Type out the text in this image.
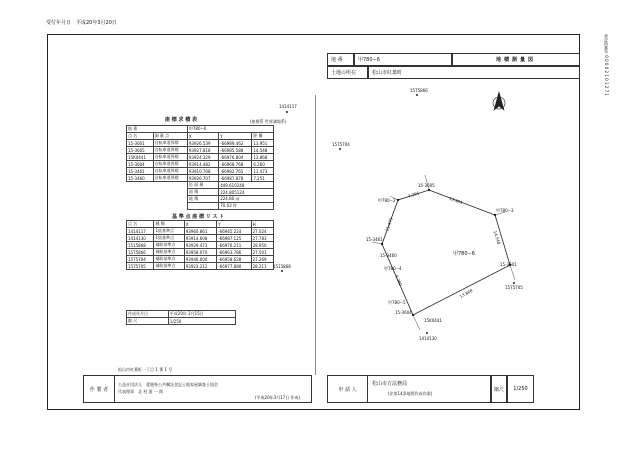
受付年月日　平成20年3月20日
登記所番号 0 0 0 0 2 1 0 1 2 7 1
地 番	甲780−6	地積測量図
土地の所在	松山市紅葉町
座 標 求 積 表	(座標系 世界測地系)
地 番		甲780−6		
点 名	測 量 点	X	Y	距 離
15-3601	自転車道界標	93926.539	-66989.462	13.951
15-3605	自転車道界標	93927.818	-66985.588	14.548
15K0441	自転車道界標	93924.329	-66976.804	13.868
15-3604	自転車道界標	93914.482	-66968.768	6.260
15-3461	自転車道界標	93910.708	-66982.765	11.473
15-3460	自転車道界標	93926.707	-66987.878	7.251
		倍 面 積	449.610248	
		面 積	224.805124	
		地 積	224.80 ㎡	
			70.03 坪	
基 準 点 座 標 リ ス ト
点 名	種 類	X	Y	H
1414117	1級基準点	93960.861	-66945.224	27.024
1414130	1級基準点	93914.608	-66987.125	27.783
1515868	補助基準点	93929.473	-66976.211	28.950
1575866	補助基準点	93958.070	-66963.786	27.501
1575704	補助基準点	93946.000	-66958.628	27.269
1575705	補助基準点	93923.212	-66977.880	28.211
作成年月日	平成20年 2月15日
縮 尺	1/250
1414117
1575866
1575704
1515868
1575705
1414130
15-3605
甲780−3
15-3601
甲780−2
15-3461
15-3460
甲780−4
甲780−5
15K0441
15-3604
甲780−6
13.951
14.548
13.868
6.260
11.473
7.251
松山市紅葉町一丁目 1 番 1 号
作 製 者
公益社団法人　愛媛県公共嘱託登記土地家屋調査士協会
代表理事　北 村 達 一 郎
(平成20年3月17日 作成)
申 請 人
松山市方法務局
(法第14条地図作成作業)
縮尺	1/250
